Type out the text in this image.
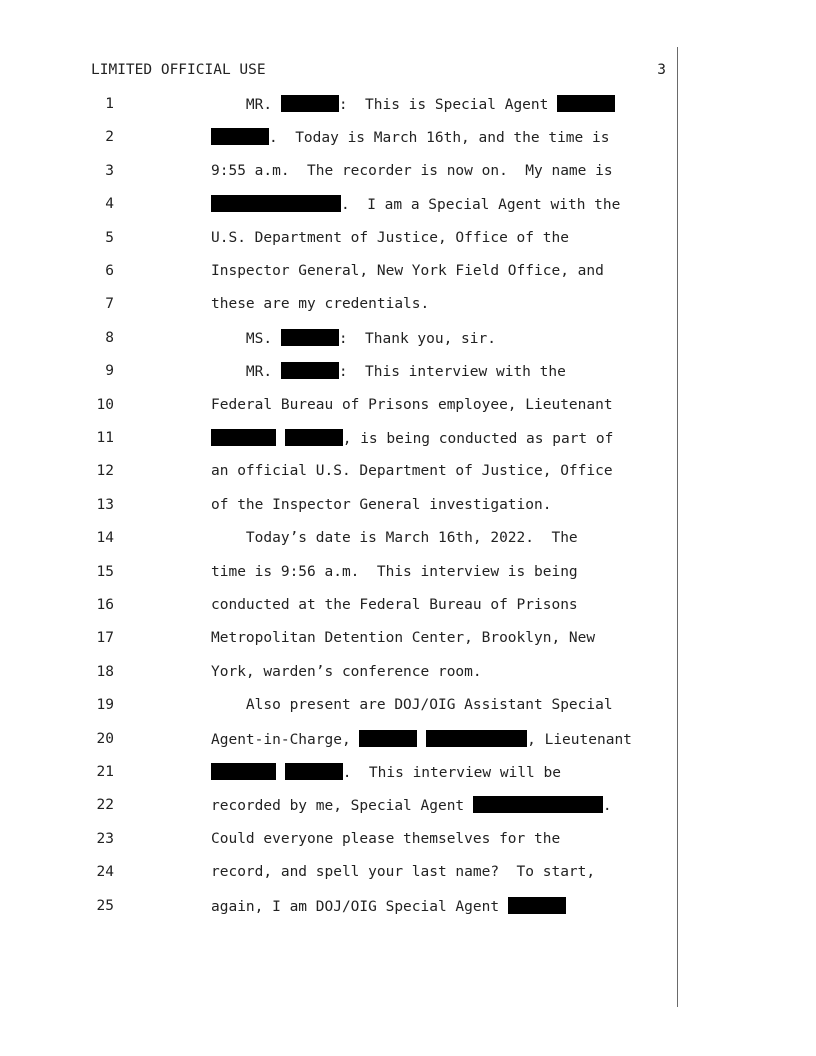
LIMITED OFFICIAL USE	3
1	MR.	:  This is Special Agent
2	.  Today is March 16th, and the time is
3	9:55 a.m.  The recorder is now on.  My name is
4	.  I am a Special Agent with the
5	U.S. Department of Justice, Office of the
6	Inspector General, New York Field Office, and
7	these are my credentials.
8	MS.	:  Thank you, sir.
9	MR.	:  This interview with the
10	Federal Bureau of Prisons employee, Lieutenant
11	, is being conducted as part of
12	an official U.S. Department of Justice, Office
13	of the Inspector General investigation.
14	Today’s date is March 16th, 2022.  The
15	time is 9:56 a.m.  This interview is being
16	conducted at the Federal Bureau of Prisons
17	Metropolitan Detention Center, Brooklyn, New
18	York, warden’s conference room.
19	Also present are DOJ/OIG Assistant Special
20	Agent-in-Charge,	, Lieutenant
21	.  This interview will be
22	recorded by me, Special Agent	.
23	Could everyone please themselves for the
24	record, and spell your last name?  To start,
25	again, I am DOJ/OIG Special Agent
